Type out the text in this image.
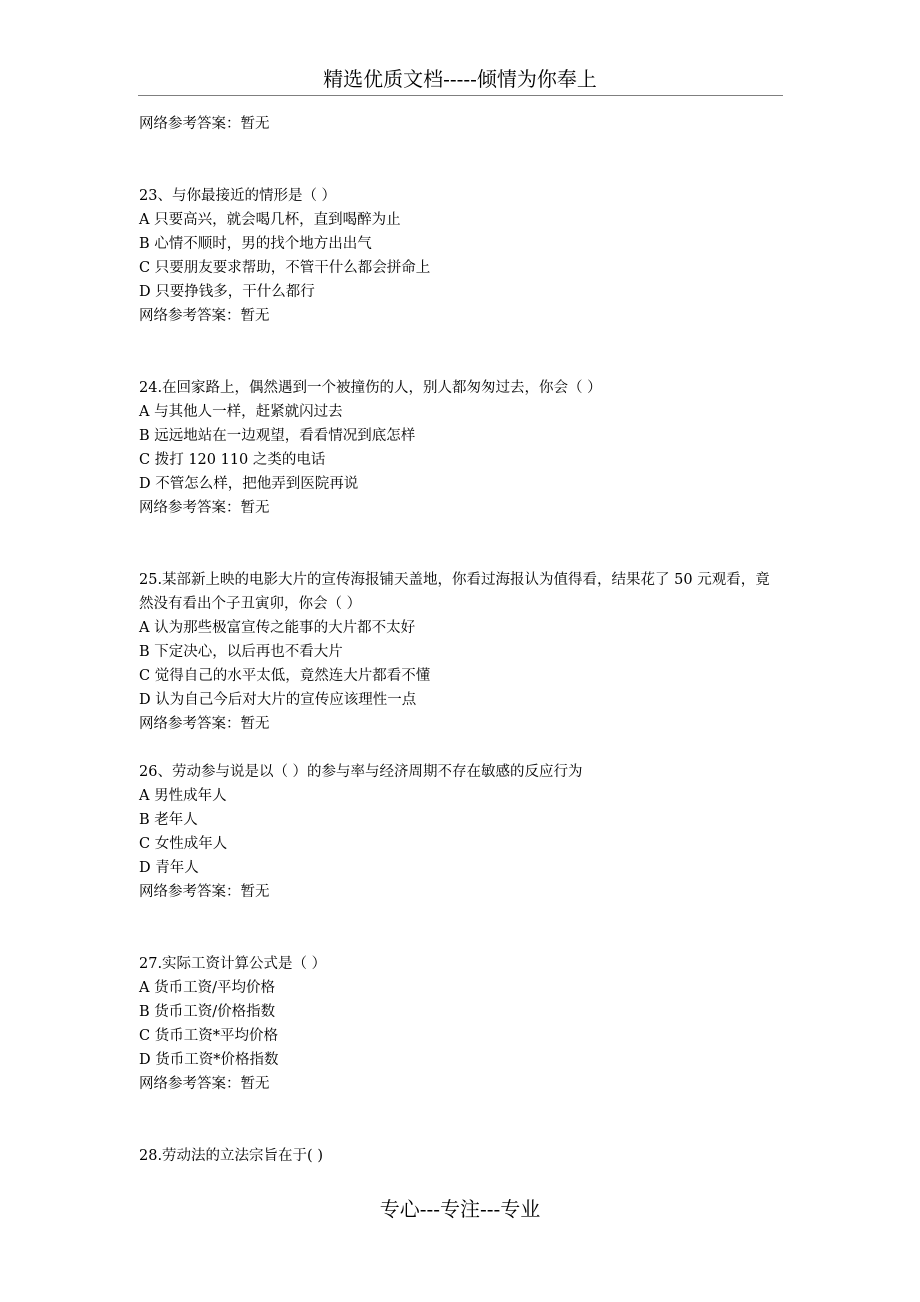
精选优质文档-----倾情为你奉上
网络参考答案：暂无
23、与你最接近的情形是（ ）
A 只要高兴，就会喝几杯，直到喝醉为止
B 心情不顺时，男的找个地方出出气
C 只要朋友要求帮助，不管干什么都会拼命上
D 只要挣钱多，干什么都行
网络参考答案：暂无
24.在回家路上，偶然遇到一个被撞伤的人，别人都匆匆过去，你会（ ）
A 与其他人一样，赶紧就闪过去
B 远远地站在一边观望，看看情况到底怎样
C 拨打 120 110 之类的电话
D 不管怎么样，把他弄到医院再说
网络参考答案：暂无
25.某部新上映的电影大片的宣传海报铺天盖地，你看过海报认为值得看，结果花了 50 元观看，竟然没有看出个子丑寅卯，你会（ ）
A 认为那些极富宣传之能事的大片都不太好
B 下定决心，以后再也不看大片
C 觉得自己的水平太低，竟然连大片都看不懂
D 认为自己今后对大片的宣传应该理性一点
网络参考答案：暂无
26、劳动参与说是以（ ）的参与率与经济周期不存在敏感的反应行为
A 男性成年人
B 老年人
C 女性成年人
D 青年人
网络参考答案：暂无
27.实际工资计算公式是（ ）
A 货币工资/平均价格
B 货币工资/价格指数
C 货币工资*平均价格
D 货币工资*价格指数
网络参考答案：暂无
28.劳动法的立法宗旨在于( )
专心---专注---专业
